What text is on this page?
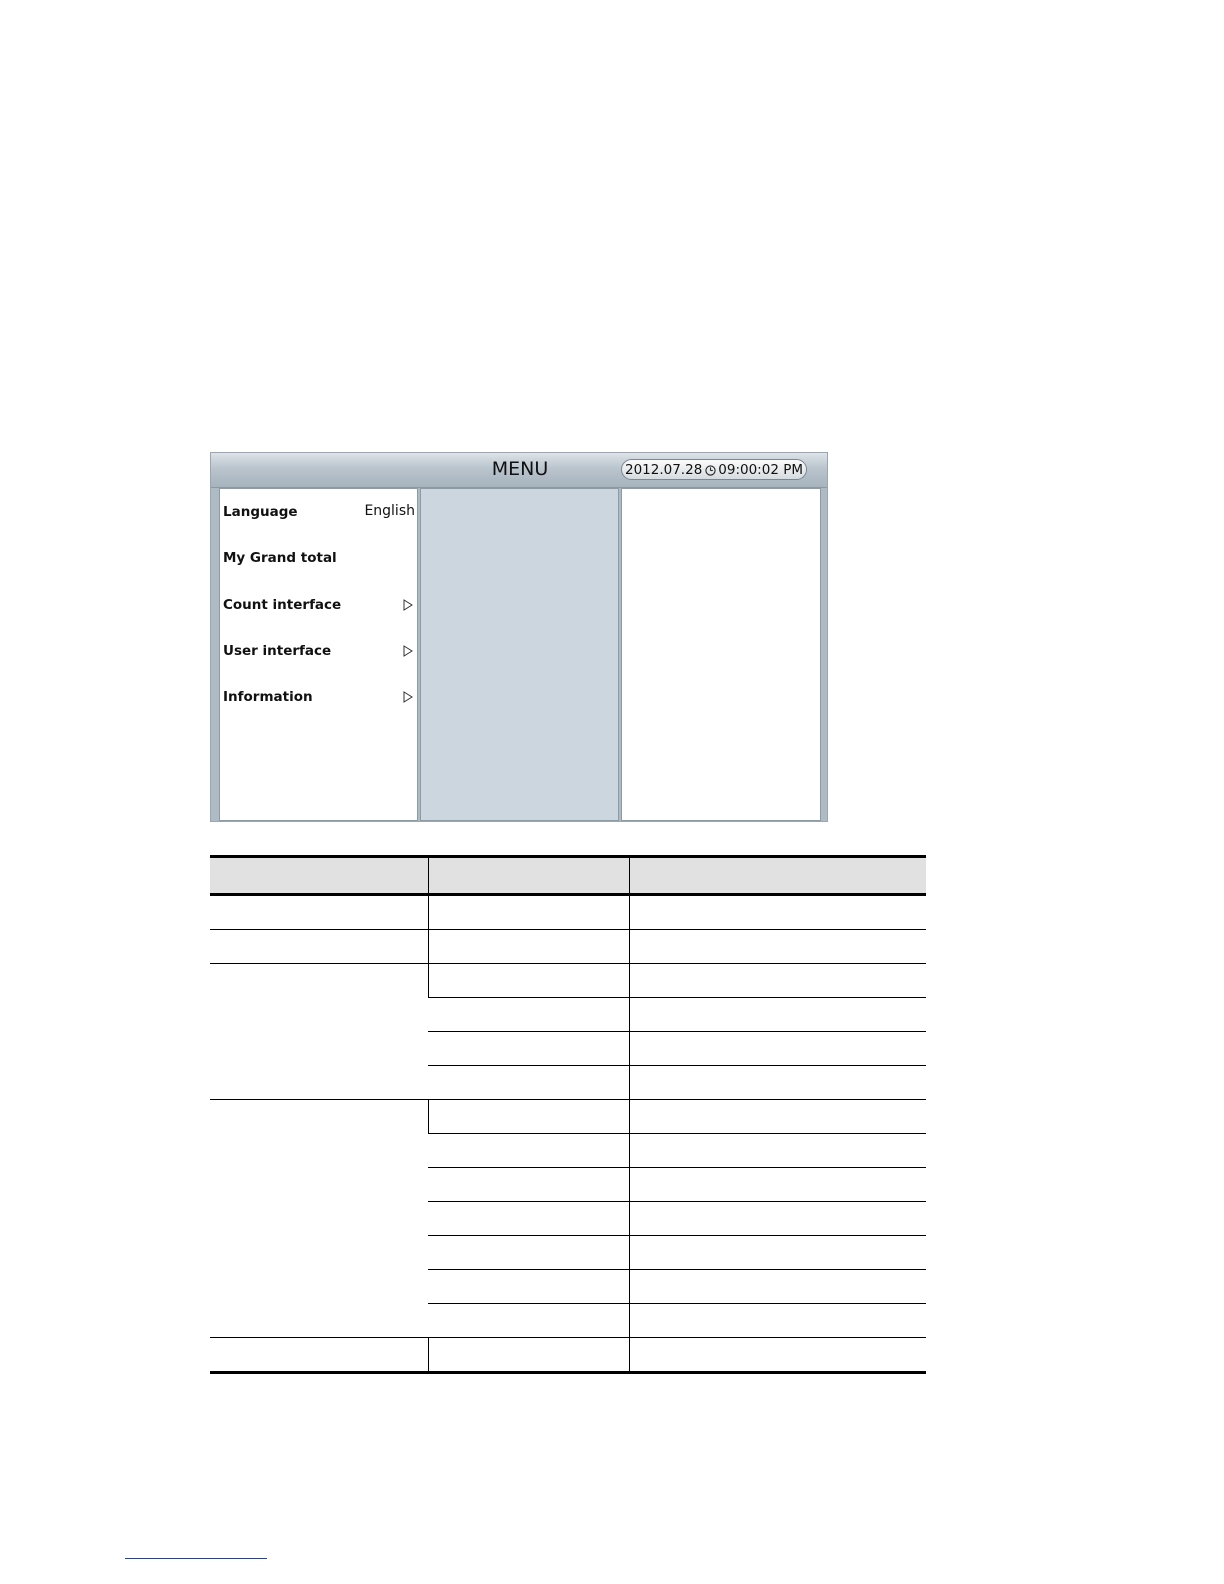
MENU	2012.07.28 09:00:02 PM
Language	English
My Grand total
Count interface
User interface
Information
